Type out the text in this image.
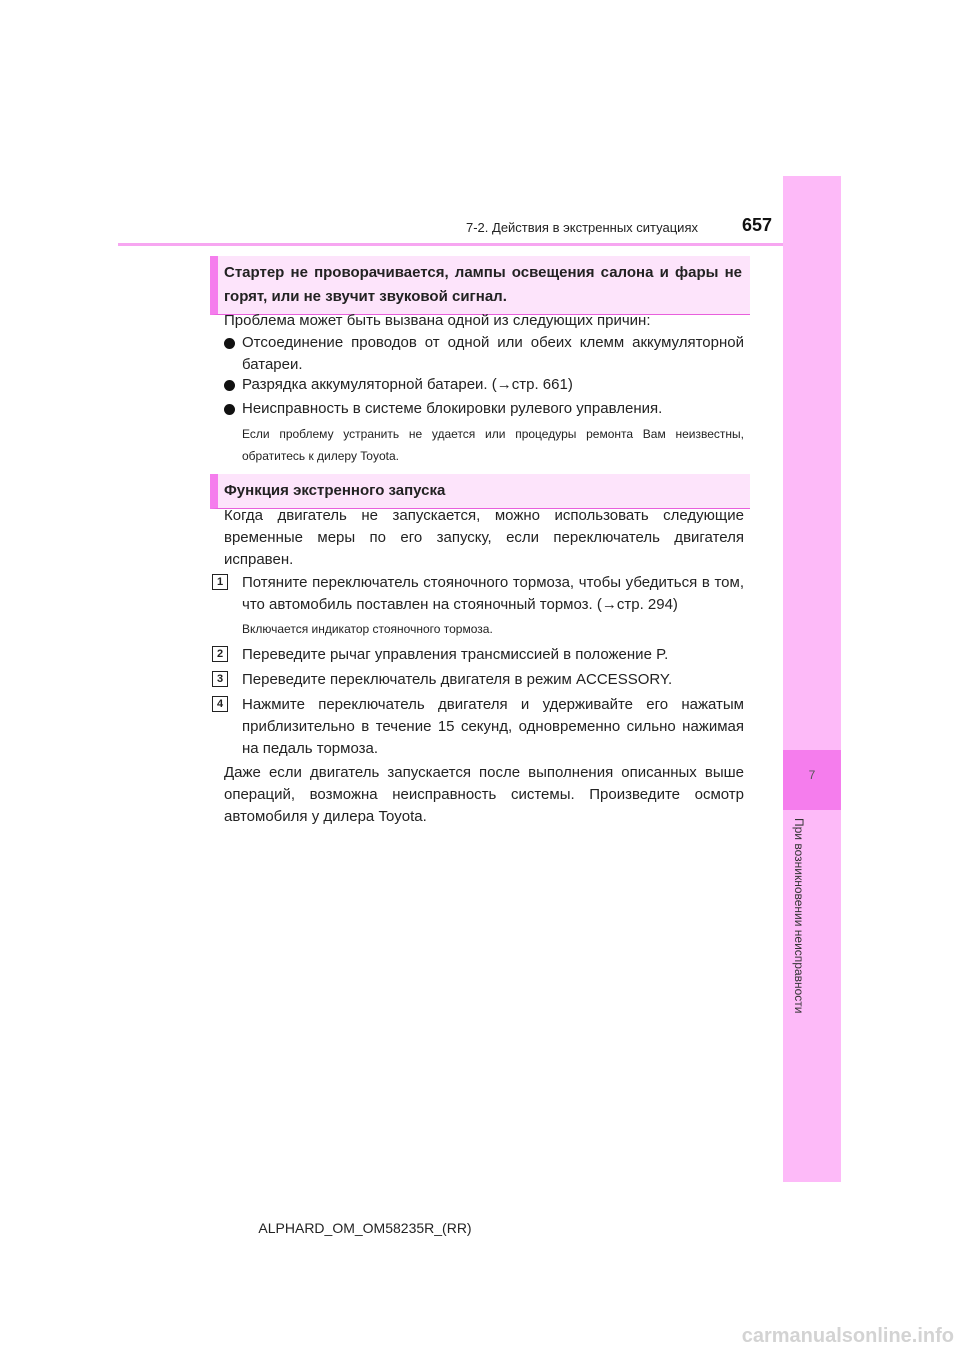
7-2. Действия в экстренных ситуациях 657
7
При возникновении неисправности
Стартер не проворачивается, лампы освещения салона и фары не горят, или не звучит звуковой сигнал.
Проблема может быть вызвана одной из следующих причин:
Отсоединение проводов от одной или обеих клемм аккумуляторной батареи.
Разрядка аккумуляторной батареи. (→стр. 661)
Неисправность в системе блокировки рулевого управления.
Если проблему устранить не удается или процедуры ремонта Вам неизвестны, обратитесь к дилеру Toyota.
Функция экстренного запуска
Когда двигатель не запускается, можно использовать следующие временные меры по его запуску, если переключатель двигателя исправен.
1	Потяните переключатель стояночного тормоза, чтобы убедиться в том, что автомобиль поставлен на стояночный тормоз. (→стр. 294)
Включается индикатор стояночного тормоза.
2	Переведите рычаг управления трансмиссией в положение P.
3	Переведите переключатель двигателя в режим ACCESSORY.
4	Нажмите переключатель двигателя и удерживайте его нажатым приблизительно в течение 15 секунд, одновременно сильно нажимая на педаль тормоза.
Даже если двигатель запускается после выполнения описанных выше операций, возможна неисправность системы. Произведите осмотр автомобиля у дилера Toyota.
ALPHARD_OM_OM58235R_(RR)
carmanualsonline.info
